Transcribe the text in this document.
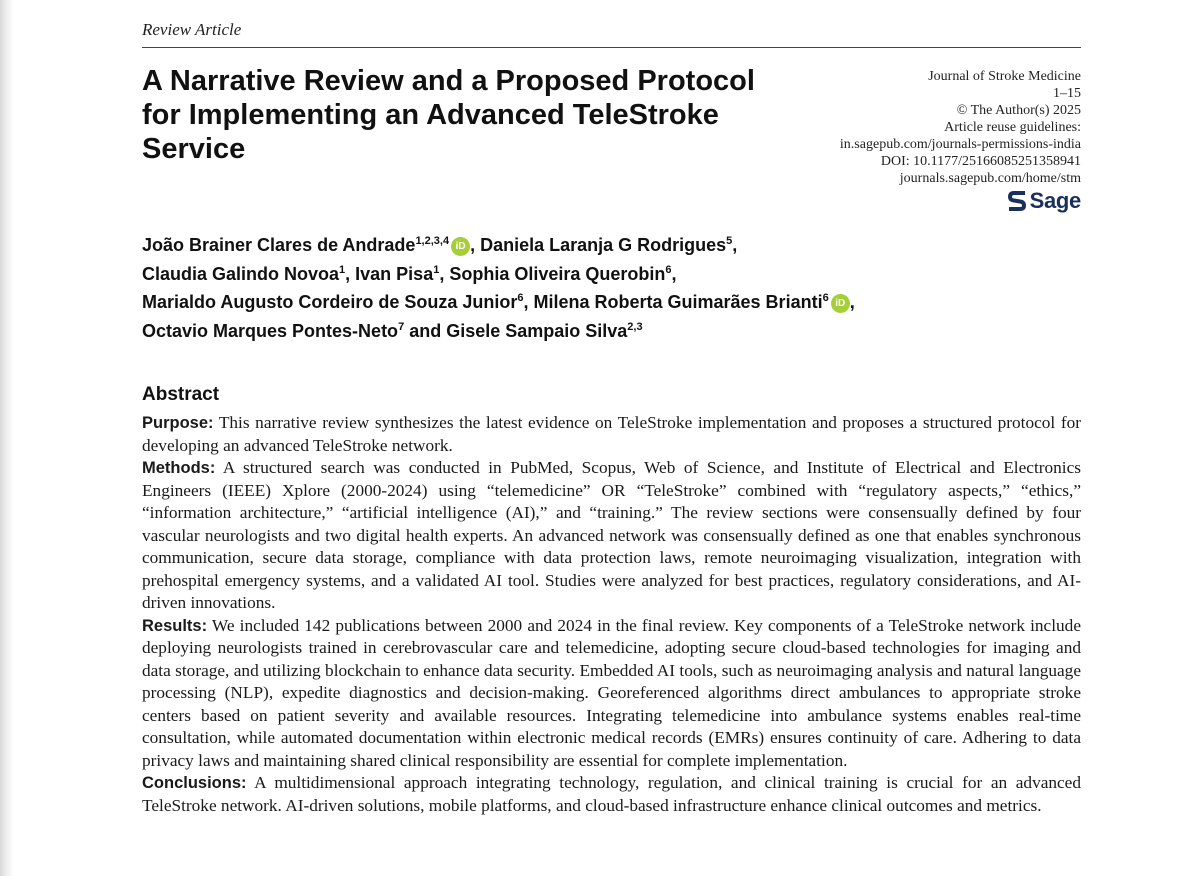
Review Article
A Narrative Review and a Proposed Protocol for Implementing an Advanced TeleStroke Service
Journal of Stroke Medicine
1–15
© The Author(s) 2025
Article reuse guidelines:
in.sagepub.com/journals-permissions-india
DOI: 10.1177/25166085251358941
journals.sagepub.com/home/stm
Sage
João Brainer Clares de Andrade$^{1,2,3,4}$ iD , Daniela Laranja G Rodrigues$^5$,
Claudia Galindo Novoa$^1$, Ivan Pisa$^1$, Sophia Oliveira Querobin$^6$,
Marialdo Augusto Cordeiro de Souza Junior$^6$, Milena Roberta Guimarães Brianti$^6$ iD ,
Octavio Marques Pontes-Neto$^7$ and Gisele Sampaio Silva$^{2,3}$
Abstract

Purpose: This narrative review synthesizes the latest evidence on TeleStroke implementation and proposes a structured protocol for developing an advanced TeleStroke network.

Methods: A structured search was conducted in PubMed, Scopus, Web of Science, and Institute of Electrical and Electronics Engineers (IEEE) Xplore (2000-2024) using “telemedicine” OR “TeleStroke” combined with “regulatory aspects,” “ethics,” “information architecture,” “artificial intelligence (AI),” and “training.” The review sections were consensually defined by four vascular neurologists and two digital health experts. An advanced network was consensually defined as one that enables synchronous communication, secure data storage, compliance with data protection laws, remote neuroimaging visualization, integration with prehospital emergency systems, and a validated AI tool. Studies were analyzed for best practices, regulatory considerations, and AI-driven innovations.

Results: We included 142 publications between 2000 and 2024 in the final review. Key components of a TeleStroke network include deploying neurologists trained in cerebrovascular care and telemedicine, adopting secure cloud-based technologies for imaging and data storage, and utilizing blockchain to enhance data security. Embedded AI tools, such as neuroimaging analysis and natural language processing (NLP), expedite diagnostics and decision-making. Georeferenced algorithms direct ambulances to appropriate stroke centers based on patient severity and available resources. Integrating telemedicine into ambulance systems enables real-time consultation, while automated documentation within electronic medical records (EMRs) ensures continuity of care. Adhering to data privacy laws and maintaining shared clinical responsibility are essential for complete implementation.

Conclusions: A multidimensional approach integrating technology, regulation, and clinical training is crucial for an advanced TeleStroke network. AI-driven solutions, mobile platforms, and cloud-based infrastructure enhance clinical outcomes and metrics.
